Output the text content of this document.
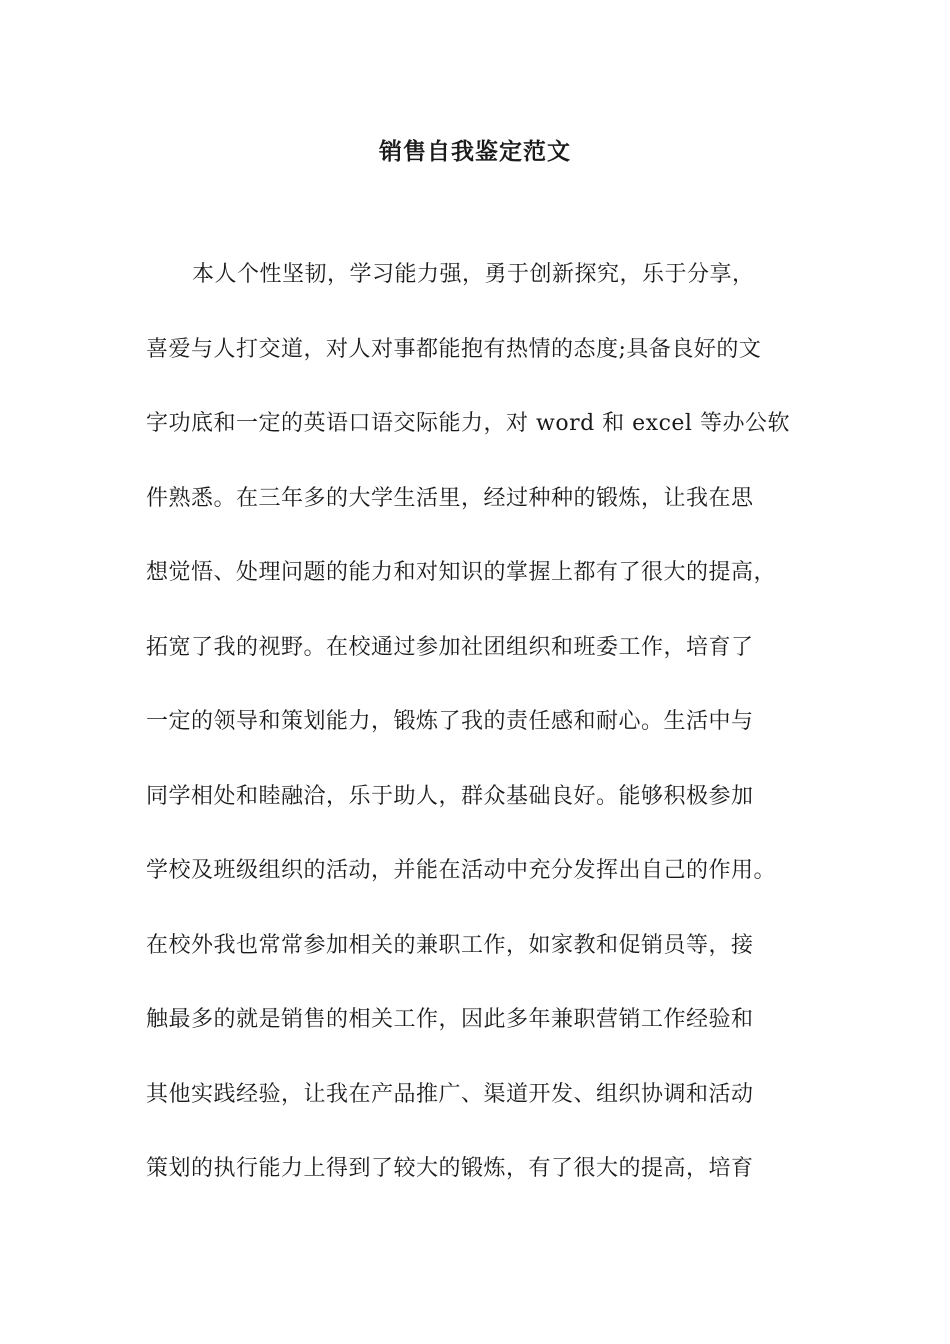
销售自我鉴定范文
本人个性坚韧，学习能力强，勇于创新探究，乐于分享，
喜爱与人打交道，对人对事都能抱有热情的态度;具备良好的文
字功底和一定的英语口语交际能力，对 word 和 excel 等办公软
件熟悉。在三年多的大学生活里，经过种种的锻炼，让我在思
想觉悟、处理问题的能力和对知识的掌握上都有了很大的提高，
拓宽了我的视野。在校通过参加社团组织和班委工作，培育了
一定的领导和策划能力，锻炼了我的责任感和耐心。生活中与
同学相处和睦融洽，乐于助人，群众基础良好。能够积极参加
学校及班级组织的活动，并能在活动中充分发挥出自己的作用。
在校外我也常常参加相关的兼职工作，如家教和促销员等，接
触最多的就是销售的相关工作，因此多年兼职营销工作经验和
其他实践经验，让我在产品推广、渠道开发、组织协调和活动
策划的执行能力上得到了较大的锻炼，有了很大的提高，培育
